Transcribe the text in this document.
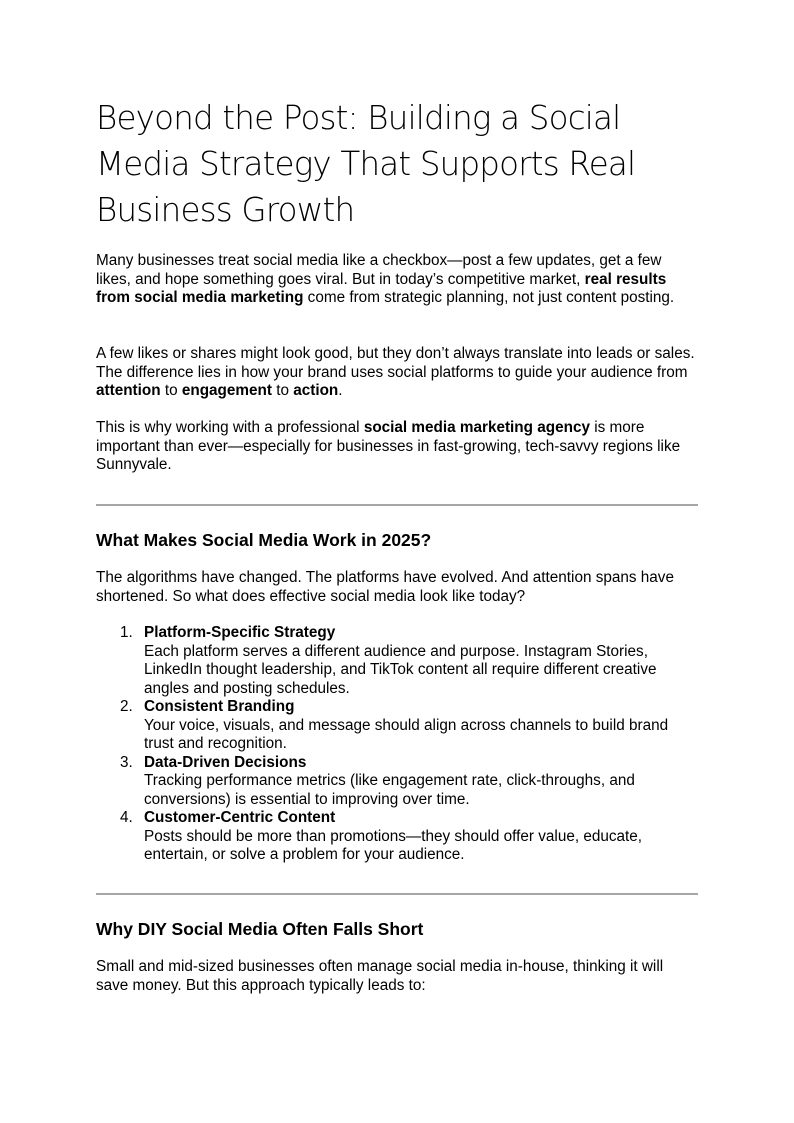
Beyond the Post: Building a Social Media Strategy That Supports Real Business Growth

Many businesses treat social media like a checkbox—post a few updates, get a few likes, and hope something goes viral. But in today’s competitive market, real results from social media marketing come from strategic planning, not just content posting.

A few likes or shares might look good, but they don’t always translate into leads or sales. The difference lies in how your brand uses social platforms to guide your audience from attention to engagement to action.

This is why working with a professional social media marketing agency is more important than ever—especially for businesses in fast-growing, tech-savvy regions like Sunnyvale.

What Makes Social Media Work in 2025?

The algorithms have changed. The platforms have evolved. And attention spans have shortened. So what does effective social media look like today?

1. Platform-Specific Strategy
Each platform serves a different audience and purpose. Instagram Stories, LinkedIn thought leadership, and TikTok content all require different creative angles and posting schedules.
2. Consistent Branding
Your voice, visuals, and message should align across channels to build brand trust and recognition.
3. Data-Driven Decisions
Tracking performance metrics (like engagement rate, click-throughs, and conversions) is essential to improving over time.
4. Customer-Centric Content
Posts should be more than promotions—they should offer value, educate, entertain, or solve a problem for your audience.
Why DIY Social Media Often Falls Short

Small and mid-sized businesses often manage social media in-house, thinking it will save money. But this approach typically leads to:
